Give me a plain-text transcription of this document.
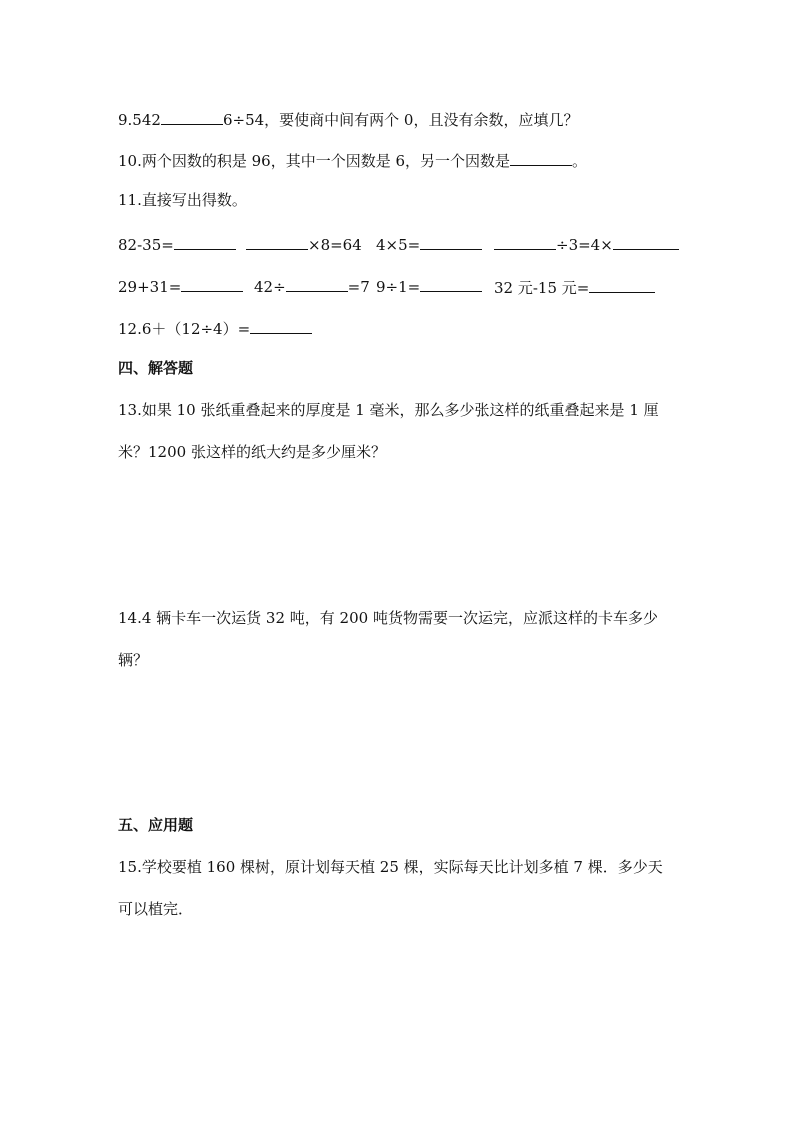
9.542	6÷54，要使商中间有两个 0，且没有余数，应填几？
10.两个因数的积是 96，其中一个因数是 6，另一个因数是	。
11.直接写出得数。
82-35=	×8=64 4×5=	÷3=4×
29+31=	42÷	=7 9÷1=	32 元-15 元=
12.6＋（12÷4）=
四、解答题
13.如果 10 张纸重叠起来的厚度是 1 毫米，那么多少张这样的纸重叠起来是 1 厘
米？1200 张这样的纸大约是多少厘米？
14.4 辆卡车一次运货 32 吨，有 200 吨货物需要一次运完，应派这样的卡车多少
辆？
五、应用题
15.学校要植 160 棵树，原计划每天植 25 棵，实际每天比计划多植 7 棵．多少天
可以植完．
